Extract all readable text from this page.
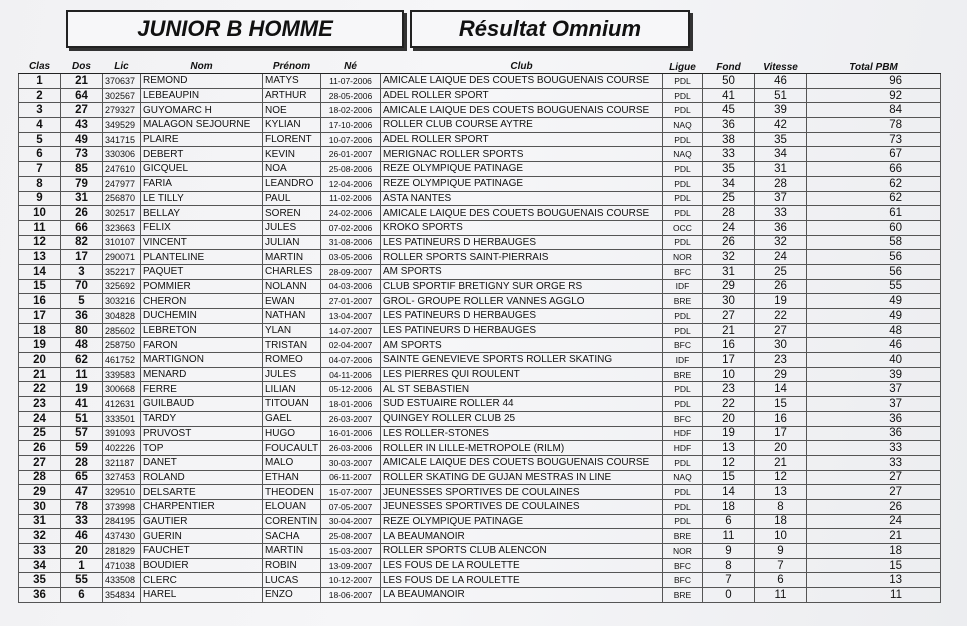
JUNIOR B HOMME	Résultat Omnium
Clas	Dos	Lic	Nom	Prénom	Né	Club	Ligue	Fond	Vitesse	Total PBM
1	21	370637	REMOND	MATYS	11-07-2006	AMICALE LAIQUE DES COUETS BOUGUENAIS COURSE	PDL	50	46	96
2	64	302567	LEBEAUPIN	ARTHUR	28-05-2006	ADEL ROLLER SPORT	PDL	41	51	92
3	27	279327	GUYOMARC H	NOE	18-02-2006	AMICALE LAIQUE DES COUETS BOUGUENAIS COURSE	PDL	45	39	84
4	43	349529	MALAGON SEJOURNE	KYLIAN	17-10-2006	ROLLER CLUB COURSE AYTRE	NAQ	36	42	78
5	49	341715	PLAIRE	FLORENT	10-07-2006	ADEL ROLLER SPORT	PDL	38	35	73
6	73	330306	DEBERT	KEVIN	26-01-2007	MERIGNAC ROLLER SPORTS	NAQ	33	34	67
7	85	247610	GICQUEL	NOA	25-08-2006	REZE OLYMPIQUE PATINAGE	PDL	35	31	66
8	79	247977	FARIA	LEANDRO	12-04-2006	REZE OLYMPIQUE PATINAGE	PDL	34	28	62
9	31	256870	LE TILLY	PAUL	11-02-2006	ASTA NANTES	PDL	25	37	62
10	26	302517	BELLAY	SOREN	24-02-2006	AMICALE LAIQUE DES COUETS BOUGUENAIS COURSE	PDL	28	33	61
11	66	323663	FELIX	JULES	07-02-2006	KROKO SPORTS	OCC	24	36	60
12	82	310107	VINCENT	JULIAN	31-08-2006	LES PATINEURS D HERBAUGES	PDL	26	32	58
13	17	290071	PLANTELINE	MARTIN	03-05-2006	ROLLER SPORTS SAINT-PIERRAIS	NOR	32	24	56
14	3	352217	PAQUET	CHARLES	28-09-2007	AM SPORTS	BFC	31	25	56
15	70	325692	POMMIER	NOLANN	04-03-2006	CLUB SPORTIF BRETIGNY SUR ORGE RS	IDF	29	26	55
16	5	303216	CHERON	EWAN	27-01-2007	GROL- GROUPE ROLLER VANNES AGGLO	BRE	30	19	49
17	36	304828	DUCHEMIN	NATHAN	13-04-2007	LES PATINEURS D HERBAUGES	PDL	27	22	49
18	80	285602	LEBRETON	YLAN	14-07-2007	LES PATINEURS D HERBAUGES	PDL	21	27	48
19	48	258750	FARON	TRISTAN	02-04-2007	AM SPORTS	BFC	16	30	46
20	62	461752	MARTIGNON	ROMEO	04-07-2006	SAINTE GENEVIEVE SPORTS ROLLER SKATING	IDF	17	23	40
21	11	339583	MENARD	JULES	04-11-2006	LES PIERRES QUI ROULENT	BRE	10	29	39
22	19	300668	FERRE	LILIAN	05-12-2006	AL ST SEBASTIEN	PDL	23	14	37
23	41	412631	GUILBAUD	TITOUAN	18-01-2006	SUD ESTUAIRE ROLLER 44	PDL	22	15	37
24	51	333501	TARDY	GAEL	26-03-2007	QUINGEY ROLLER CLUB 25	BFC	20	16	36
25	57	391093	PRUVOST	HUGO	16-01-2006	LES ROLLER-STONES	HDF	19	17	36
26	59	402226	TOP	FOUCAULT	26-03-2006	ROLLER IN LILLE-METROPOLE (RILM)	HDF	13	20	33
27	28	321187	DANET	MALO	30-03-2007	AMICALE LAIQUE DES COUETS BOUGUENAIS COURSE	PDL	12	21	33
28	65	327453	ROLAND	ETHAN	06-11-2007	ROLLER SKATING DE GUJAN MESTRAS IN LINE	NAQ	15	12	27
29	47	329510	DELSARTE	THEODEN	15-07-2007	JEUNESSES SPORTIVES DE COULAINES	PDL	14	13	27
30	78	373998	CHARPENTIER	ELOUAN	07-05-2007	JEUNESSES SPORTIVES DE COULAINES	PDL	18	8	26
31	33	284195	GAUTIER	CORENTIN	30-04-2007	REZE OLYMPIQUE PATINAGE	PDL	6	18	24
32	46	437430	GUERIN	SACHA	25-08-2007	LA BEAUMANOIR	BRE	11	10	21
33	20	281829	FAUCHET	MARTIN	15-03-2007	ROLLER SPORTS CLUB ALENCON	NOR	9	9	18
34	1	471038	BOUDIER	ROBIN	13-09-2007	LES FOUS DE LA ROULETTE	BFC	8	7	15
35	55	433508	CLERC	LUCAS	10-12-2007	LES FOUS DE LA ROULETTE	BFC	7	6	13
36	6	354834	HAREL	ENZO	18-06-2007	LA BEAUMANOIR	BRE	0	11	11
